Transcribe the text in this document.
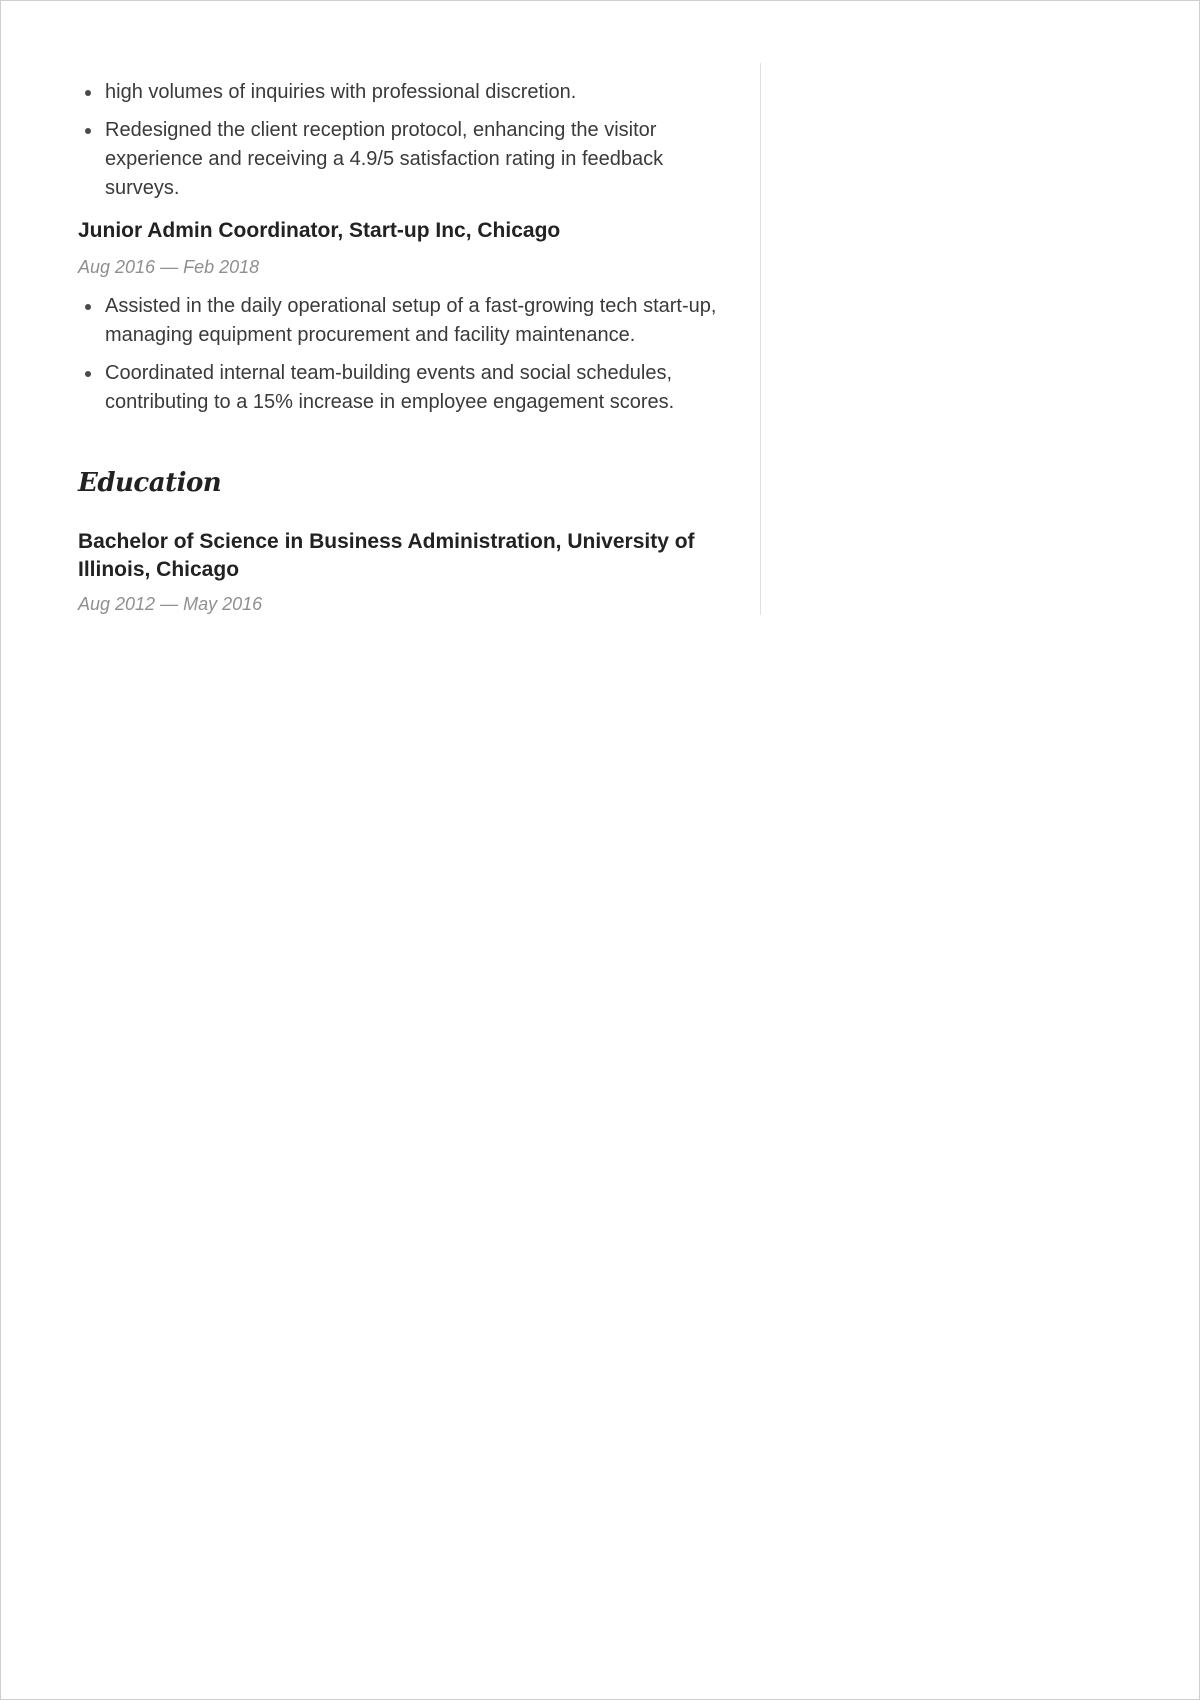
high volumes of inquiries with professional discretion.
Redesigned the client reception protocol, enhancing the visitor experience and receiving a 4.9/5 satisfaction rating in feedback surveys.
Junior Admin Coordinator, Start-up Inc, Chicago
Aug 2016 — Feb 2018
Assisted in the daily operational setup of a fast-growing tech start-up, managing equipment procurement and facility maintenance.
Coordinated internal team-building events and social schedules, contributing to a 15% increase in employee engagement scores.
Education
Bachelor of Science in Business Administration, University of Illinois, Chicago
Aug 2012 — May 2016
